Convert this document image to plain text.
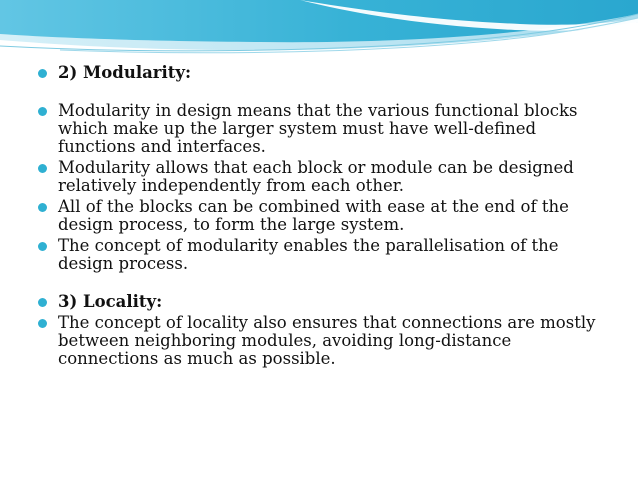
2) Modularity:
Modularity in design means that the various functional blocks which make up the larger system must have well-defined functions and interfaces.
Modularity allows that each block or module can be designed relatively independently from each other.
All of the blocks can be combined with ease at the end of the design process, to form the large system.
The concept of modularity enables the parallelisation of the design process.
3) Locality:
The concept of locality also ensures that connections are mostly between neighboring modules, avoiding long-distance connections as much as possible.
